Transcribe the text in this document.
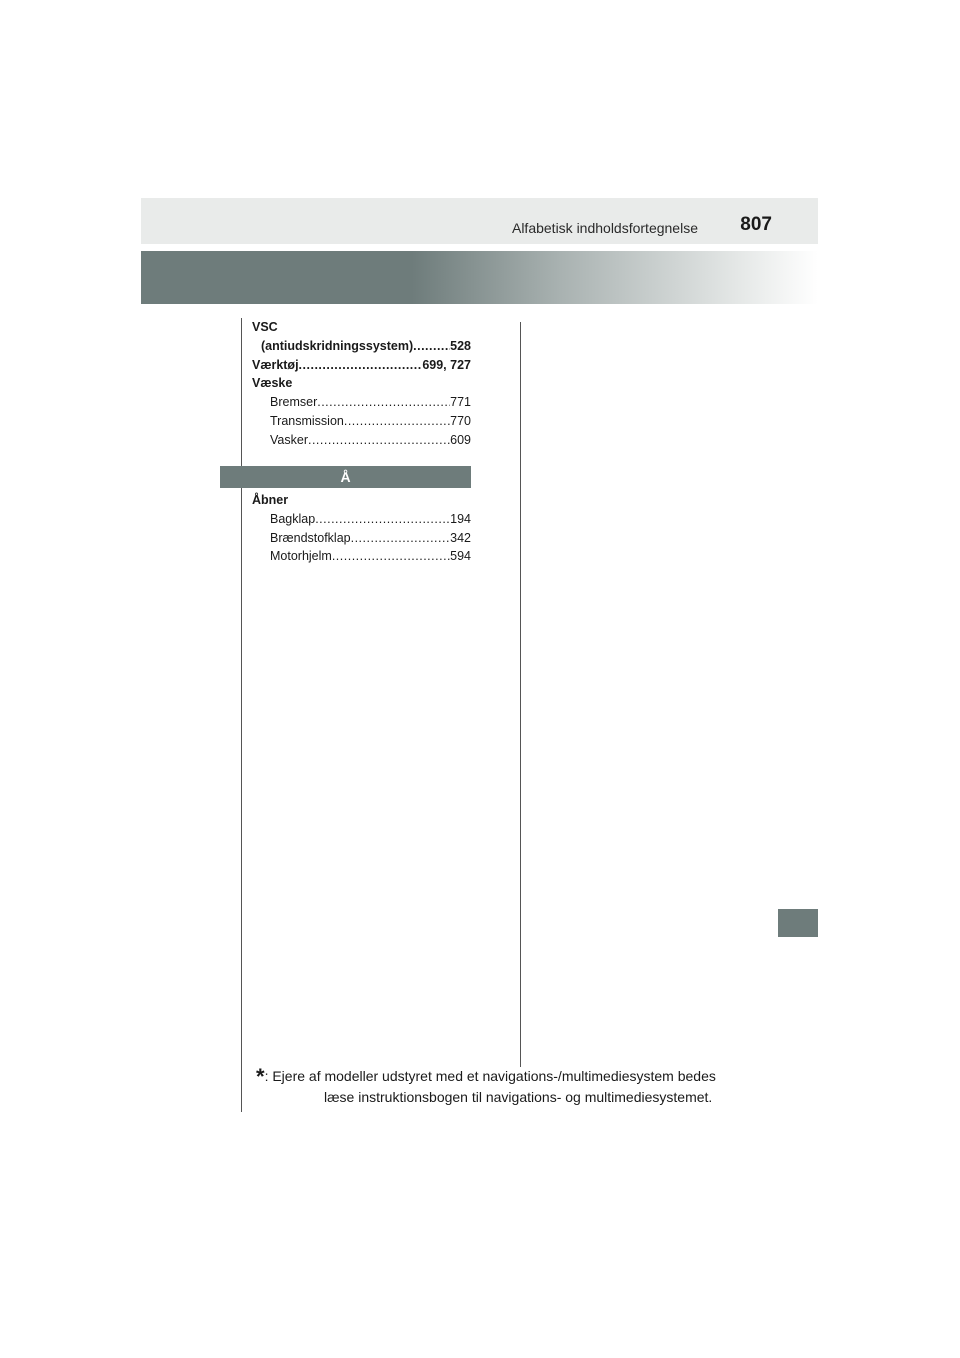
Alfabetisk indholdsfortegnelse 807
VSC
(antiudskridningssystem) .....	528
Værktøj .....	699, 727
Væske
Bremser .....	771
Transmission .....	770
Vasker .....	609
Å
Åbner
Bagklap .....	194
Brændstofklap .....	342
Motorhjelm .....	594
*: Ejere af modeller udstyret med et navigations-/multimediesystem bedes
læse instruktionsbogen til navigations- og multimediesystemet.
